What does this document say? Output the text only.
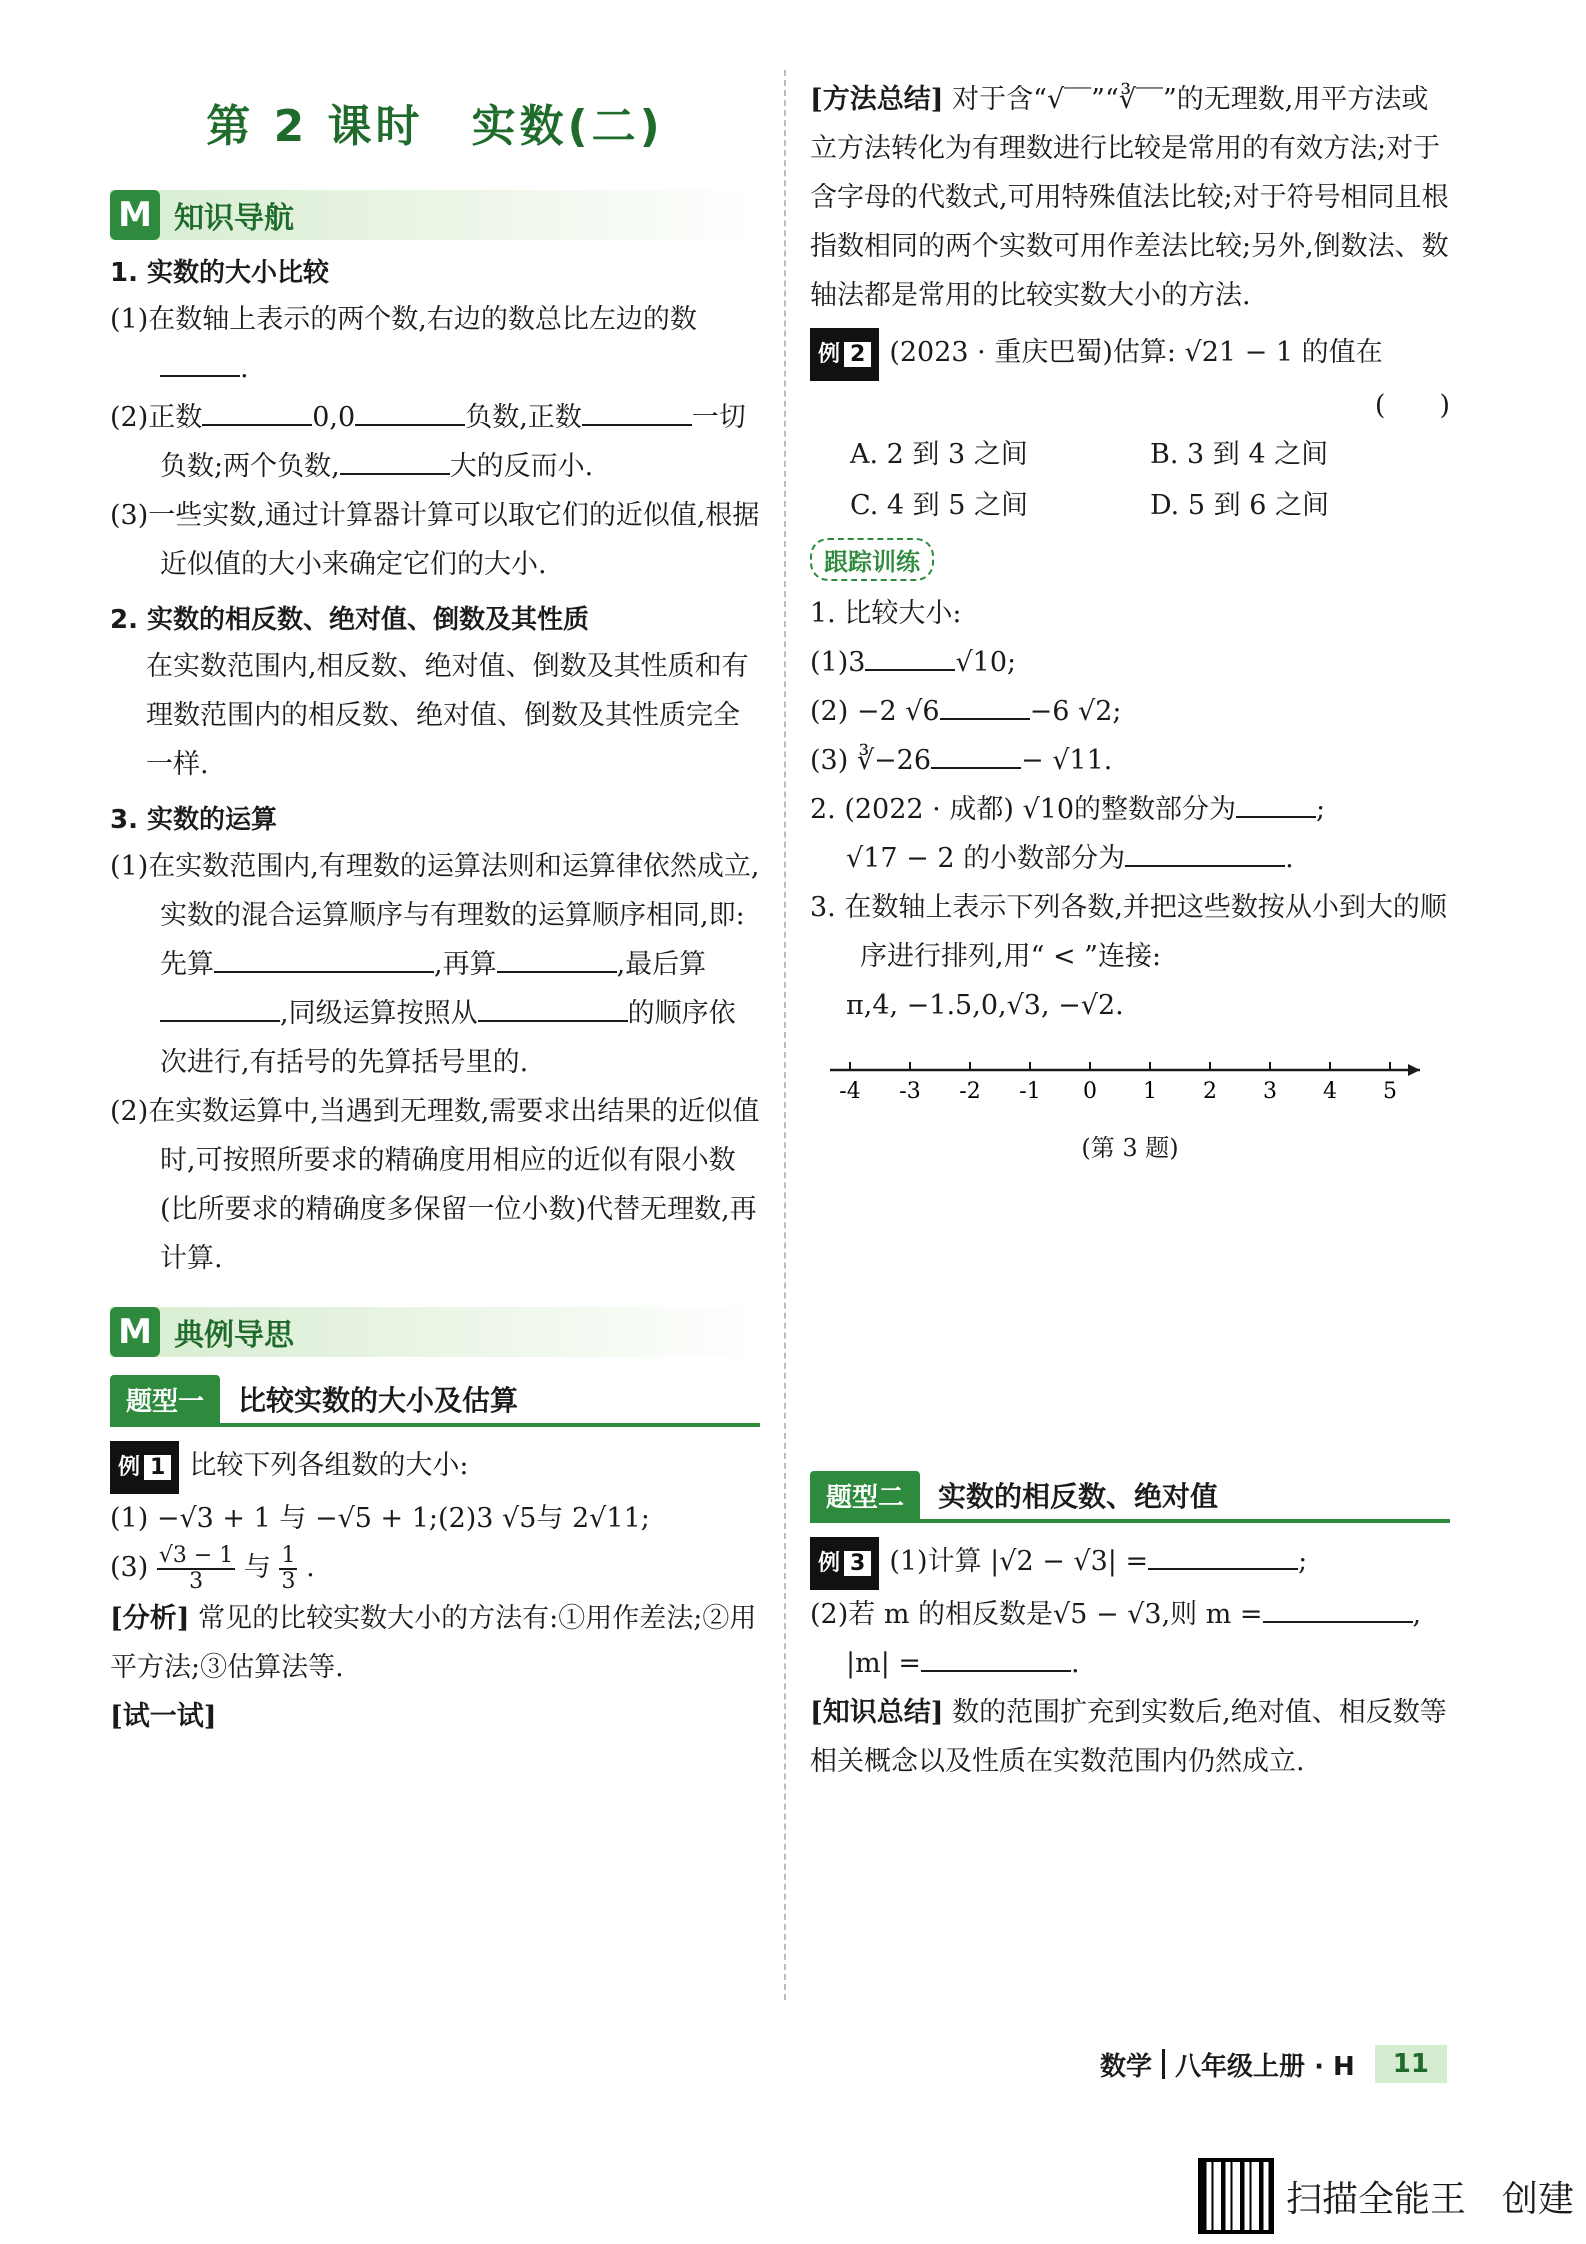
第 2 课时　实数(二)
M 知识导航
1. 实数的大小比较

(1)在数轴上表示的两个数,右边的数总比左边的数.

(2)正数	0,0	负数,正数	一切负数;两个负数,	大的反而小.

(3)一些实数,通过计算器计算可以取它们的近似值,根据近似值的大小来确定它们的大小.

2. 实数的相反数、绝对值、倒数及其性质

在实数范围内,相反数、绝对值、倒数及其性质和有理数范围内的相反数、绝对值、倒数及其性质完全一样.

3. 实数的运算

(1)在实数范围内,有理数的运算法则和运算律依然成立,实数的混合运算顺序与有理数的运算顺序相同,即:先算	,再算	,最后算,同级运算按照从	的顺序依次进行,有括号的先算括号里的.

(2)在实数运算中,当遇到无理数,需要求出结果的近似值时,可按照所要求的精确度用相应的近似有限小数(比所要求的精确度多保留一位小数)代替无理数,再计算.

M 典例导思
题型一	比较实数的大小及估算

例 1 比较下列各组数的大小:

(1) −√3 + 1 与 −√5 + 1;(2)3 √5与 2√11;

$(3) \frac{√3 - 1}{3}$ 与 $\frac{1}{3}$ .

[分析] 常见的比较实数大小的方法有:①用作差法;②用平方法;③估算法等.

[试一试]

[方法总结] 对于含“√‾‾”“∛‾‾”的无理数,用平方法或立方法转化为有理数进行比较是常用的有效方法;对于含字母的代数式,可用特殊值法比较;对于符号相同且根指数相同的两个实数可用作差法比较;另外,倒数法、数轴法都是常用的比较实数大小的方法.

例 2 (2023 · 重庆巴蜀)估算: √21 − 1 的值在

(　　)

A. 2 到 3 之间	B. 3 到 4 之间
C. 4 到 5 之间	D. 5 到 6 之间
跟踪训练

1. 比较大小:

(1)3	√10;

(2) −2 √6	−6 √2;

(3) ∛−26	− √11.

2. (2022 · 成都) √10的整数部分为	;

√17 − 2 的小数部分为	.

3. 在数轴上表示下列各数,并把这些数按从小到大的顺序进行排列,用“ < ”连接:

π,4, −1.5,0,√3, −√2.

-4 -3 -2 -1 0 1 2 3 4 5
(第 3 题)
题型二	实数的相反数、绝对值

例 3 (1)计算 |√2 − √3| =	;

(2)若 m 的相反数是√5 − √3,则 m =	,

|m| =	.

[知识总结] 数的范围扩充到实数后,绝对值、相反数等相关概念以及性质在实数范围内仍然成立.

数学 八年级上册 · H	11
扫描全能王　创建
